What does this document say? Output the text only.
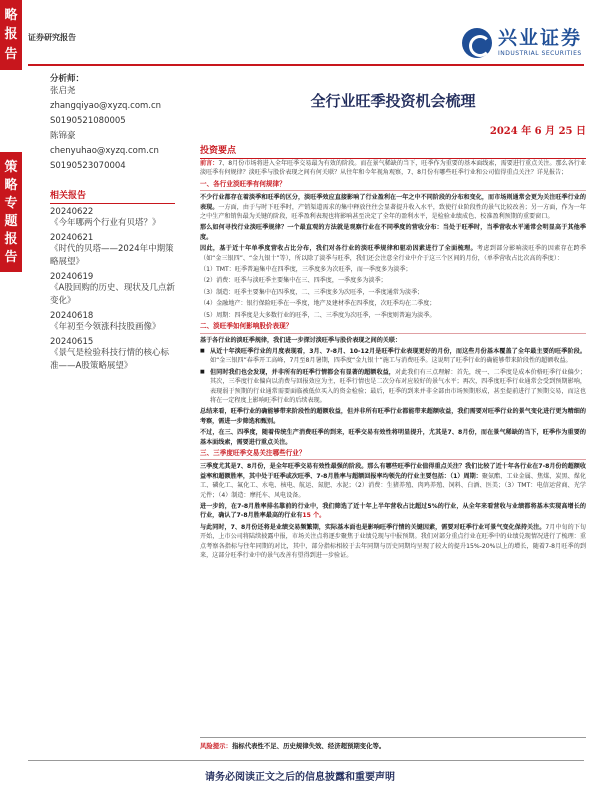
略
报
告
策
略
专
题
报
告
证券研究报告	兴业证券
INDUSTRIAL SECURITIES
分析师：
张启尧
zhangqiyao@xyzq.com.cn
S0190521080005
陈锦豪
chenyuhao@xyzq.com.cn
S0190523070004
相关报告
20240622
《今年哪两个行业有贝塔？》
20240621
《时代的贝塔——2024年中期策略展望》
20240619
《A股回购的历史、现状及几点新变化》
20240618
《年初至今领涨科技股画像》
20240615
《景气是检验科技行情的核心标准——A股策略展望》
全行业旺季投资机会梳理
2024 年 6 月 25 日
投资要点

前言：7、8月份市场将进入全年旺季交易最为有效的阶段。而在景气稀缺的当下，旺季作为重要的基本面线索，需要进行重点关注。那么各行业淡旺季有何规律？淡旺季与股价表现之间有何关联？从往年和今年视角观察，7、8月份有哪些旺季行业和公司值得重点关注？详见报告；

一、各行业淡旺季有何规律？

不少行业都存在着淡季和旺季的区分，淡旺季效应直接影响了行业盈利在一年之中不同阶段的分布和变化，而市场则通常会更为关注旺季行业的表现。一方面，由于与时下旺季时，产销渠道需求的集中释放往往会显著提升收入水平，致使行业阶段性的景气比较改善；另一方面，作为一年之中生产和销售最为关键的阶段，旺季盈利表现也将影响甚至决定了全年的盈利水平，是检验业绩成色、校准盈利预期的重要窗口。

那么如何寻找行业淡旺季规律？一个最直观的方法就是观察行业在不同季度的营收分布：当处于旺季时，当季营收水平通常会明显高于其他季度。

因此，基于近十年单季度营收占比分布，我们对各行业的淡旺季规律和驱动因素进行了全面梳理。考虑到部分影响淡旺季的因素存在跨季（如“金三银四”、“金九银十”等），所以除了淡季与旺季，我们还会注意全行业中介于这三个区间的月份，（单季营收占比次高的季度）：

（1）TMT：旺季普遍集中在四季度，三季度多为次旺季，而一季度多为淡季；

（2）消费：旺季与淡旺季主要集中在三、四季度，一季度多为淡季；

（3）制造：旺季主要集中在四季度，二、三季度多为次旺季，一季度通常为淡季；

（4）金融地产：银行保险旺季在一季度，地产及建材季在四季度，次旺季均在二季度；

（5）周期：四季度是大多数行业的旺季，二、三季度为次旺季，一季度则普遍为淡季。

二、淡旺季如何影响股价表现？

基于各行业的淡旺季规律，我们进一步探讨淡旺季与股价表现之间的关联：

■ 从近十年淡旺季行业的月度表现看，3月、7-8月、10-12月是旺季行业表现更好的月份，而这些月份基本覆盖了全年最主要的旺季阶段。如“金三银四”春季开工高峰，7月至8月暑期，四季度“金九银十”施工与消费旺季。这说明了旺季行业的确能够带来阶段性的超额收益。

■ 但同时我们也会发现，并非所有的旺季行情都会有显著的超额收益，对此我们有三点理解：首先，统一、二季度是成本价格旺季行业偏少；其次，三季度行业偏向以消费与回报效应为主，旺季行情也是二次分布对应较好的景气水平；再次，四季度旺季行业通常会受到预期影响，表现弱于预期的行业通常需要面临被低位买入的资金检验；最后，旺季的到来并非全部由市场预期形成，甚至提前进行了预期交易，而这也将在一定程度上影响旺季行业的后续表现。

总结来看，旺季行业的确能够带来阶段性的超额收益，但并非所有旺季行业都能带来超额收益，我们需要对旺季行业的景气变化进行更为精细的考察，需进一步筛选和甄别。

不过，在三、四季度，随着传统生产消费旺季的到来，旺季交易有效性将明显提升，尤其是7、8月份，而在景气稀缺的当下，旺季作为重要的基本面线索，需要进行重点关注。

三、三季度旺季交易关注哪些行业？

三季度尤其是7、8月份，是全年旺季交易有效性最强的阶段。那么有哪些旺季行业值得重点关注？我们比较了近十年各行业在7-8月份的超额收益率和超额胜率，其中处于旺季或次旺季、7-8月胜率与超额回报率均领先的行业主要包括：（1）周期：聚氨酯、工业金属、焦煤、炭黑、煤化工、磷化工、氟化工、水电、核电、航运、氮肥、水泥；（2）消费：生猪养殖、肉鸡养殖、饲料、白酒、医美；（3）TMT：电信运营商、光学元件；（4）制造：摩托车、风电设备。

进一步的，在7-8月胜率排名靠前的行业中，我们筛选了近十年上半年营收占比超过5%的行业，从全年来看营收与业绩都将基本实现高增长的行业，确认了7-8月胜率最高的行业有15 个。

与此同时，7、8月份还将是业绩交易频繁期，实际基本面也是影响旺季行情的关键因素，需要对旺季行业可景气变化保持关注。7月中旬的下旬开始，上市公司将陆续披露中报，市场关注点将逐步聚焦于业绩兑现与中报预期。我们对部分重点行业在旺季中的业绩兑现情况进行了梳理：重点考察各指标与往年同期的对比，其中，部分指标相较于去年同期与历史同期均呈现了较大的提升15%-20%以上的增长，随着7-8月旺季的到来，这部分旺季行业中的景气改善有望得到进一步验证。

风险提示：指标代表性不足、历史规律失效、经济超预期变化等。
请务必阅读正文之后的信息披露和重要声明
